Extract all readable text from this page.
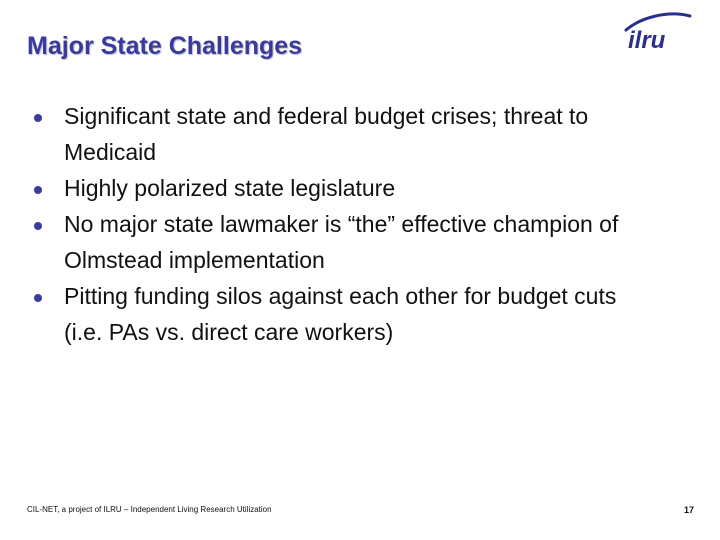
Major State Challenges	ilru
Significant state and federal budget crises; threat to Medicaid
Highly polarized state legislature
No major state lawmaker is “the” effective champion of Olmstead implementation
Pitting funding silos against each other for budget cuts (i.e. PAs vs. direct care workers)
CIL-NET, a project of ILRU – Independent Living Research Utilization	17
